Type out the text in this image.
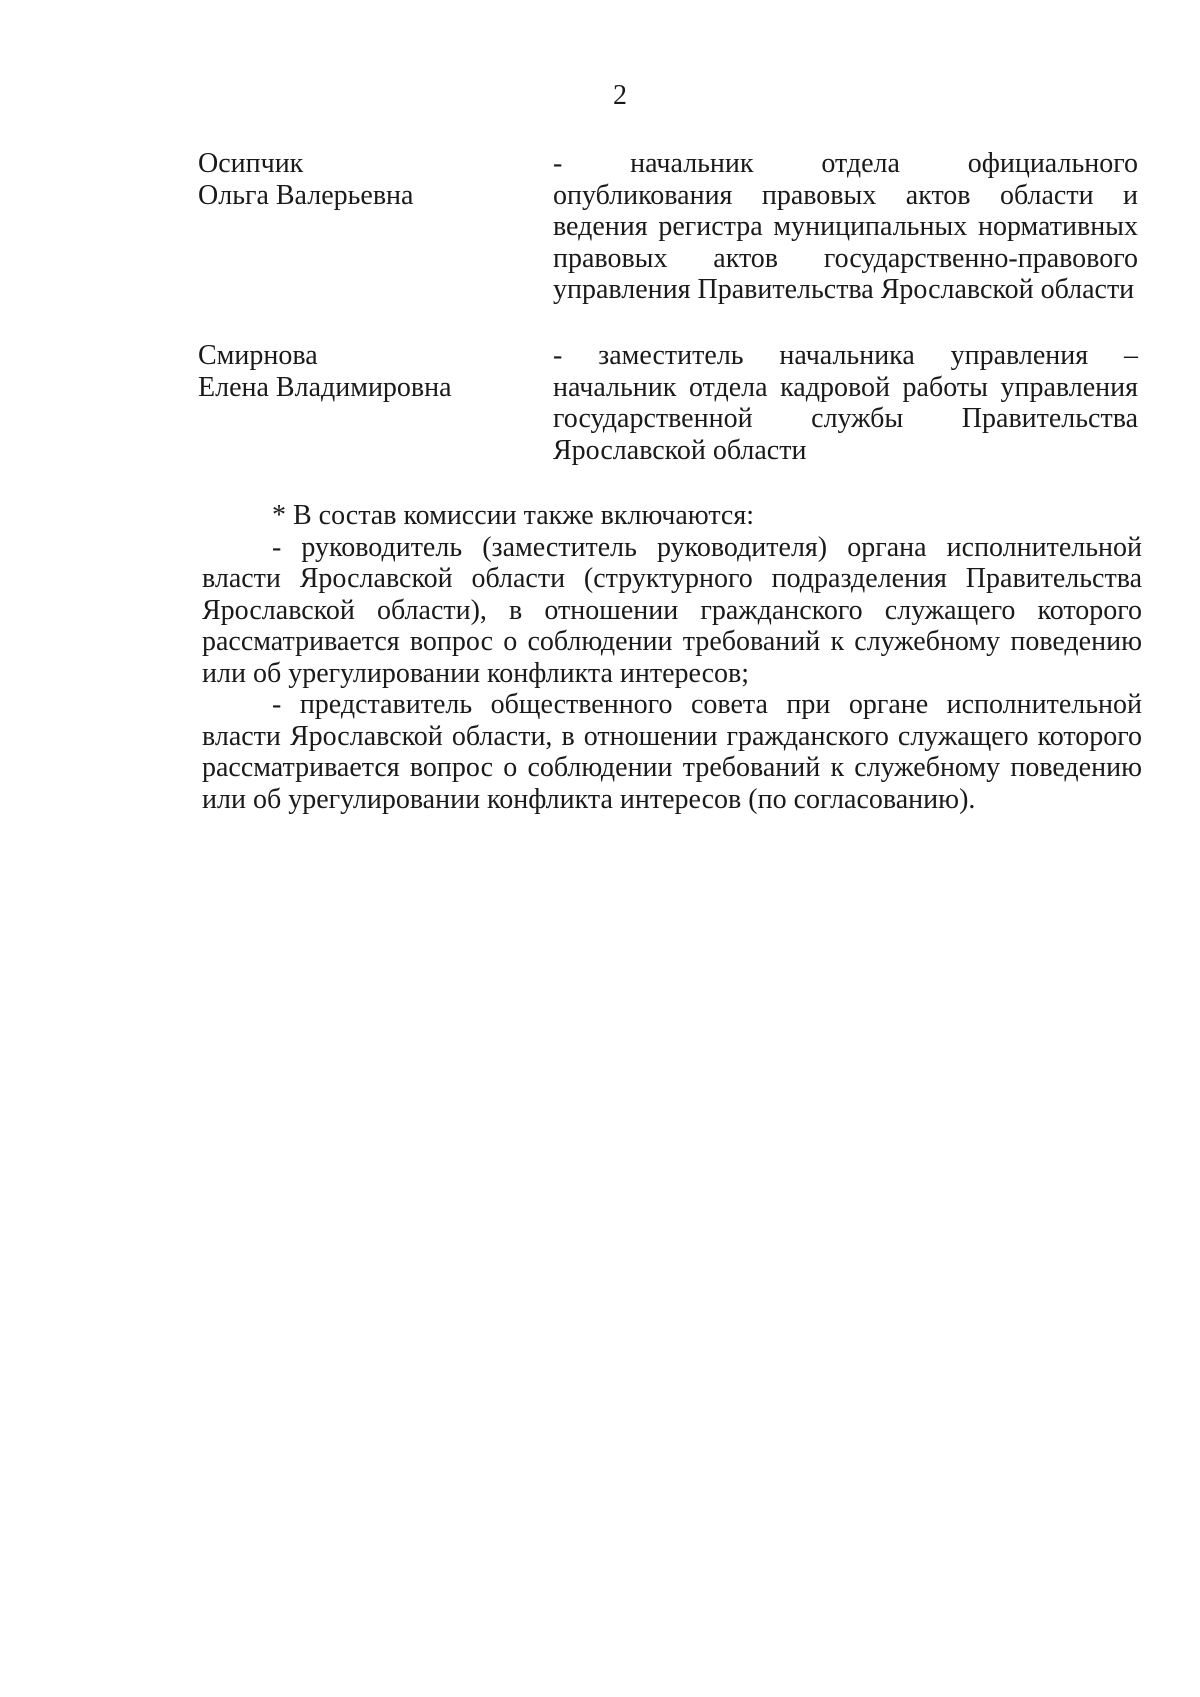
2
Осипчик
Ольга Валерьевна
- начальник отдела официального опубликования правовых актов области и ведения регистра муниципальных нормативных правовых актов государственно-правового управления Правительства Ярославской области
Смирнова
Елена Владимировна
- заместитель начальника управления – начальник отдела кадровой работы управления государственной службы Правительства Ярославской области

* В состав комиссии также включаются:

- руководитель (заместитель руководителя) органа исполнительной власти Ярославской области (структурного подразделения Правительства Ярославской области), в отношении гражданского служащего которого рассматривается вопрос о соблюдении требований к служебному поведению или об урегулировании конфликта интересов;

- представитель общественного совета при органе исполнительной власти Ярославской области, в отношении гражданского служащего которого рассматривается вопрос о соблюдении требований к служебному поведению или об урегулировании конфликта интересов (по согласованию).
